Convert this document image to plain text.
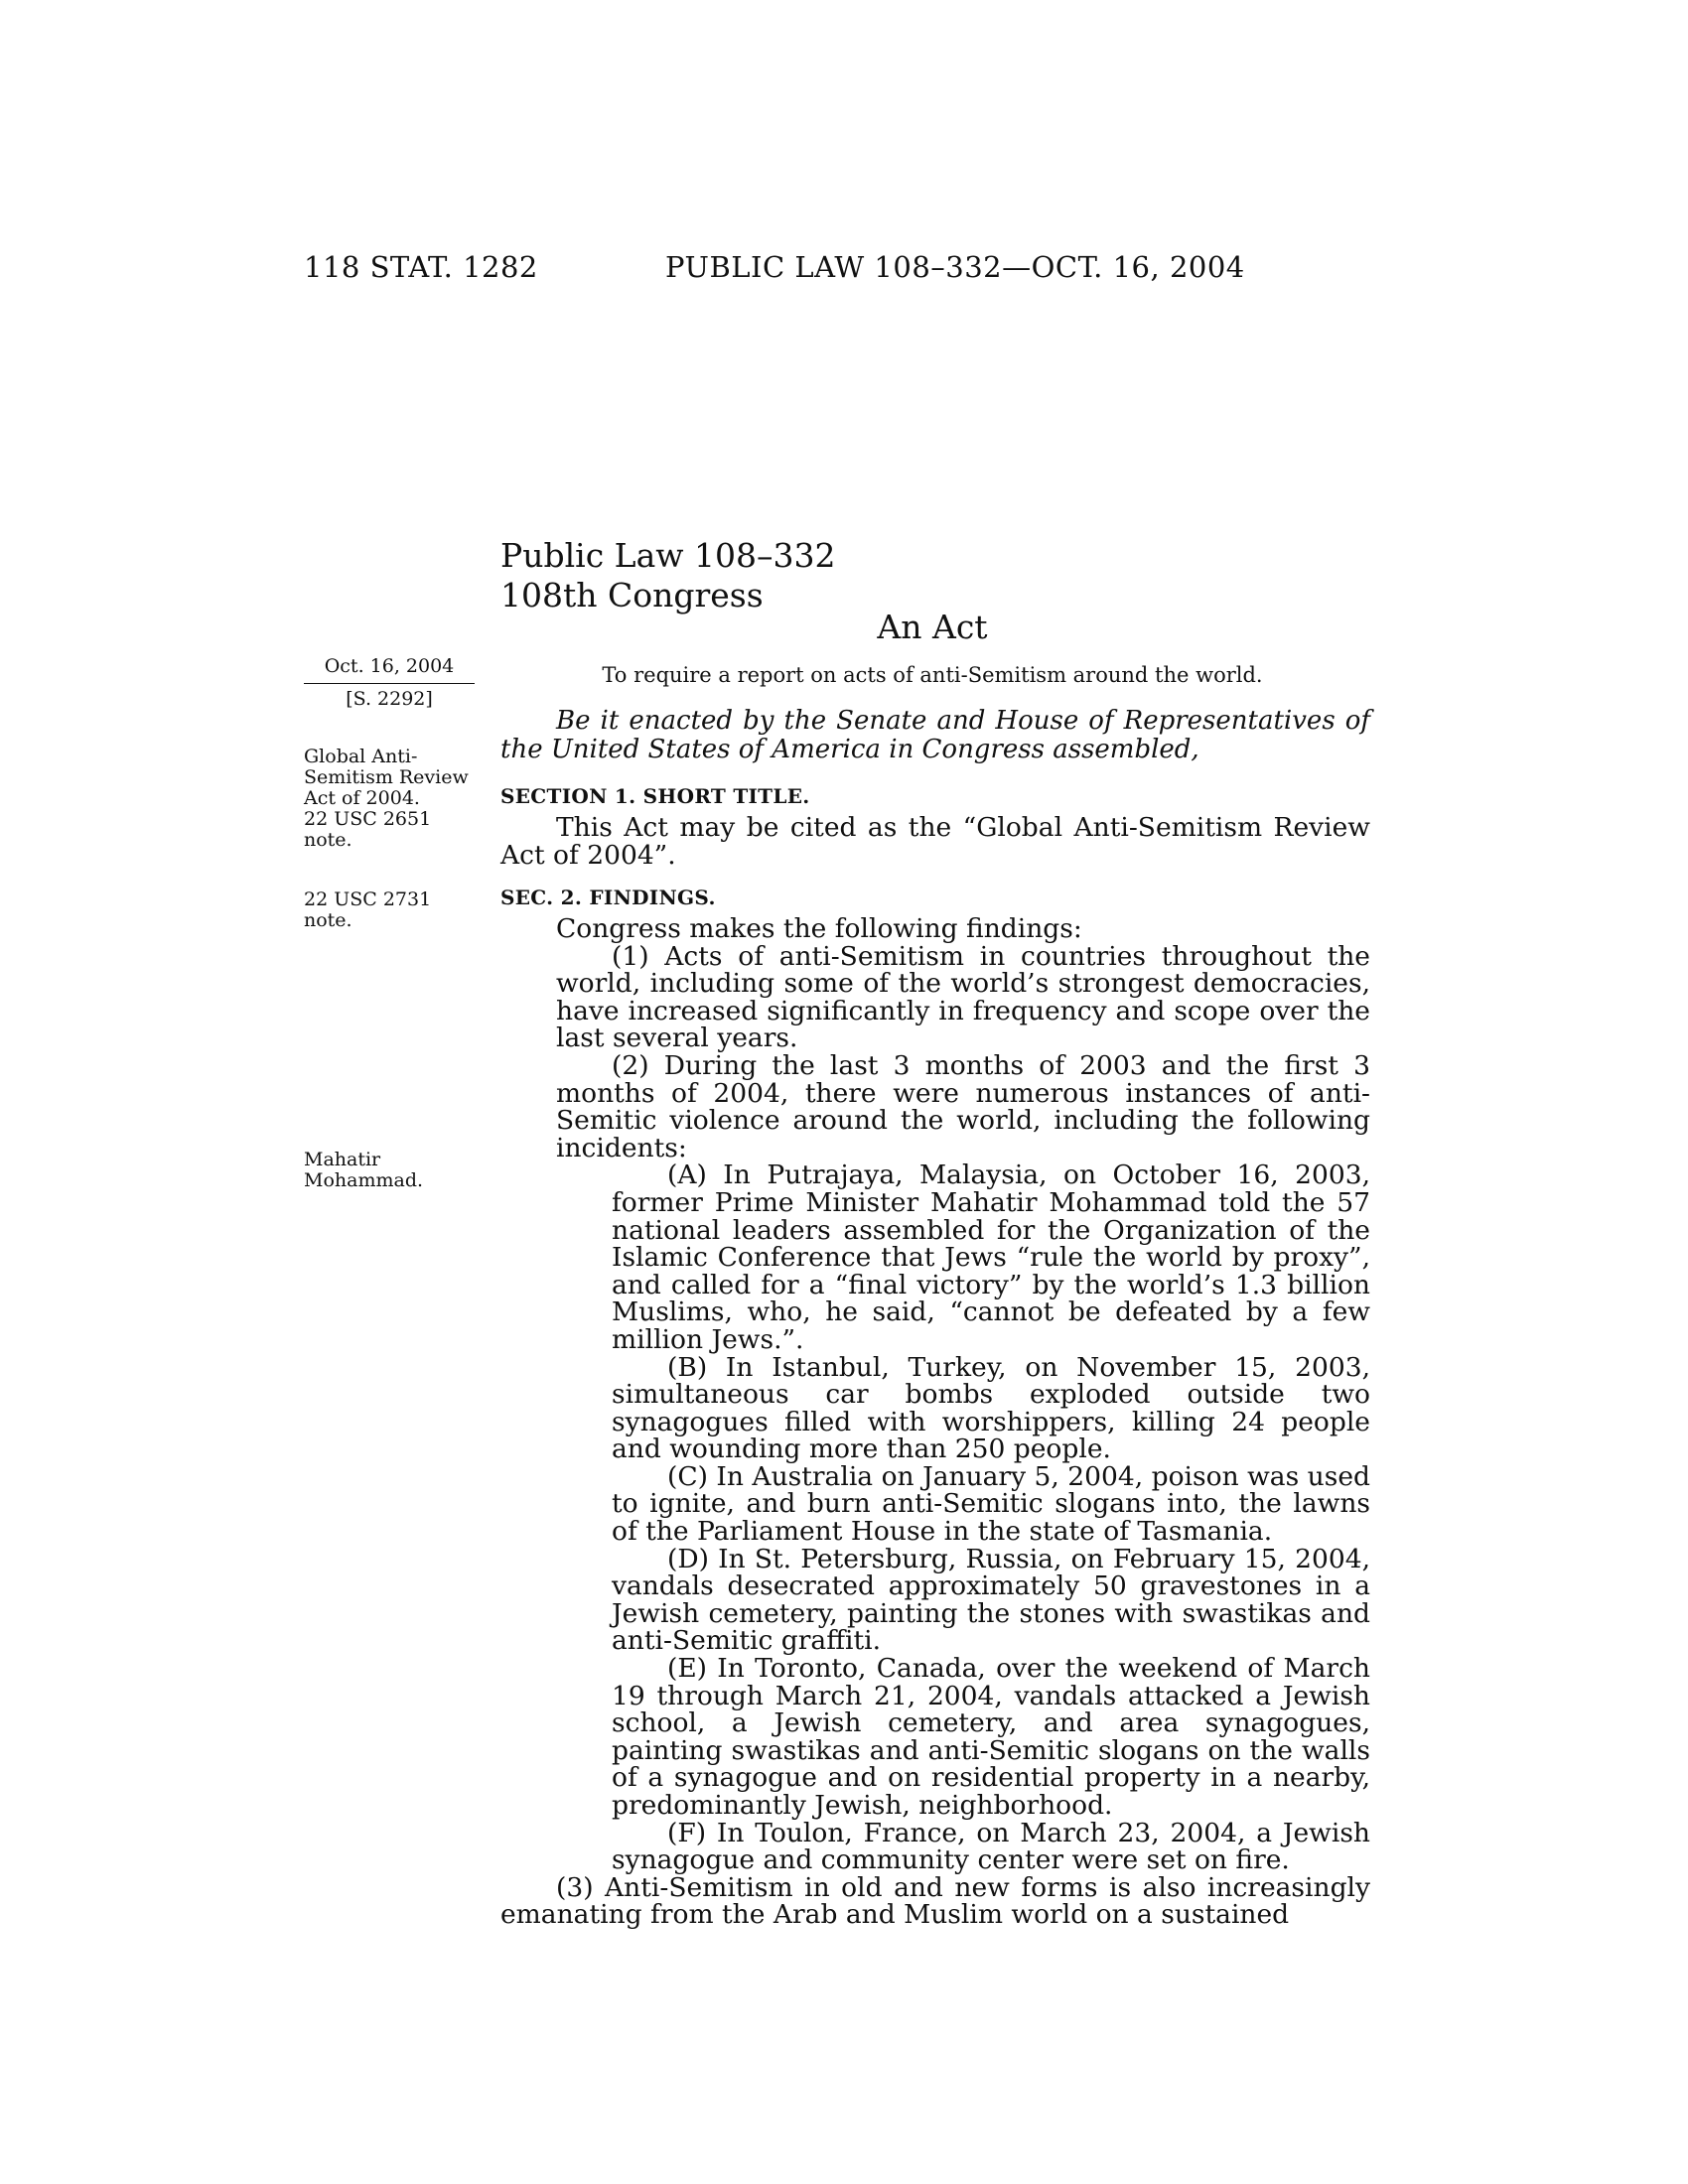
118 STAT. 1282	PUBLIC LAW 108–332—OCT. 16, 2004
Public Law 108–332
108th Congress
An Act
Oct. 16, 2004
[S. 2292]
To require a report on acts of anti-Semitism around the world.
Global Anti-
Semitism Review
Act of 2004.
22 USC 2651
note.
22 USC 2731
note.
Mahatir
Mohammad.
Be it enacted by the Senate and House of Representatives of the United States of America in Congress assembled,
SECTION 1. SHORT TITLE.
This Act may be cited as the “Global Anti-Semitism Review Act of 2004”.
SEC. 2. FINDINGS.

Congress makes the following findings:

(1) Acts of anti-Semitism in countries throughout the world, including some of the world’s strongest democracies, have increased significantly in frequency and scope over the last several years.

(2) During the last 3 months of 2003 and the first 3 months of 2004, there were numerous instances of anti-Semitic violence around the world, including the following incidents:

(A) In Putrajaya, Malaysia, on October 16, 2003, former Prime Minister Mahatir Mohammad told the 57 national leaders assembled for the Organization of the Islamic Conference that Jews “rule the world by proxy”, and called for a “final victory” by the world’s 1.3 billion Muslims, who, he said, “cannot be defeated by a few million Jews.”.

(B) In Istanbul, Turkey, on November 15, 2003, simultaneous car bombs exploded outside two synagogues filled with worshippers, killing 24 people and wounding more than 250 people.

(C) In Australia on January 5, 2004, poison was used to ignite, and burn anti-Semitic slogans into, the lawns of the Parliament House in the state of Tasmania.

(D) In St. Petersburg, Russia, on February 15, 2004, vandals desecrated approximately 50 gravestones in a Jewish cemetery, painting the stones with swastikas and anti-Semitic graffiti.

(E) In Toronto, Canada, over the weekend of March 19 through March 21, 2004, vandals attacked a Jewish school, a Jewish cemetery, and area synagogues, painting swastikas and anti-Semitic slogans on the walls of a synagogue and on residential property in a nearby, predominantly Jewish, neighborhood.

(F) In Toulon, France, on March 23, 2004, a Jewish synagogue and community center were set on fire.

(3) Anti-Semitism in old and new forms is also increasingly emanating from the Arab and Muslim world on a sustained
